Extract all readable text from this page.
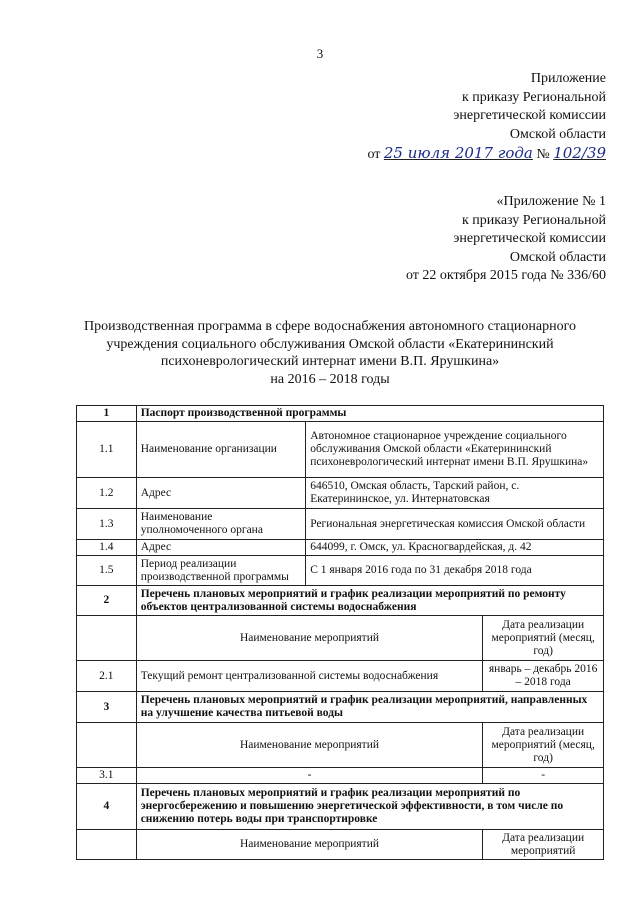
3
Приложение
к приказу Региональной
энергетической комиссии
Омской области
от 25 июля 2017 года № 102/39
«Приложение № 1
к приказу Региональной
энергетической комиссии
Омской области
от 22 октября 2015 года № 336/60
Производственная программа в сфере водоснабжения автономного стационарного
учреждения социального обслуживания Омской области «Екатерининский
психоневрологический интернат имени В.П. Ярушкина»
на 2016 – 2018 годы
1	Паспорт производственной программы		
1.1	Наименование организации	Автономное стационарное учреждение социального обслуживания Омской области «Екатерининский психоневрологический интернат имени В.П. Ярушкина»	
1.2	Адрес	646510, Омская область, Тарский район, с. Екатерининское, ул. Интернатовская	
1.3	Наименование уполномоченного органа	Региональная энергетическая комиссия Омской области	
1.4	Адрес	644099, г. Омск, ул. Красногвардейская, д. 42	
1.5	Период реализации производственной программы	С 1 января 2016 года по 31 декабря 2018 года	
2	Перечень плановых мероприятий и график реализации мероприятий по ремонту объектов централизованной системы водоснабжения		
	Наименование мероприятий		Дата реализации мероприятий (месяц, год)
2.1	Текущий ремонт централизованной системы водоснабжения		январь – декабрь 2016 – 2018 года
3	Перечень плановых мероприятий и график реализации мероприятий, направленных на улучшение качества питьевой воды		
	Наименование мероприятий		Дата реализации мероприятий (месяц, год)
3.1	-		-
4	Перечень плановых мероприятий и график реализации мероприятий по энергосбережению и повышению энергетической эффективности, в том числе по снижению потерь воды при транспортировке		
	Наименование мероприятий		Дата реализации мероприятий
